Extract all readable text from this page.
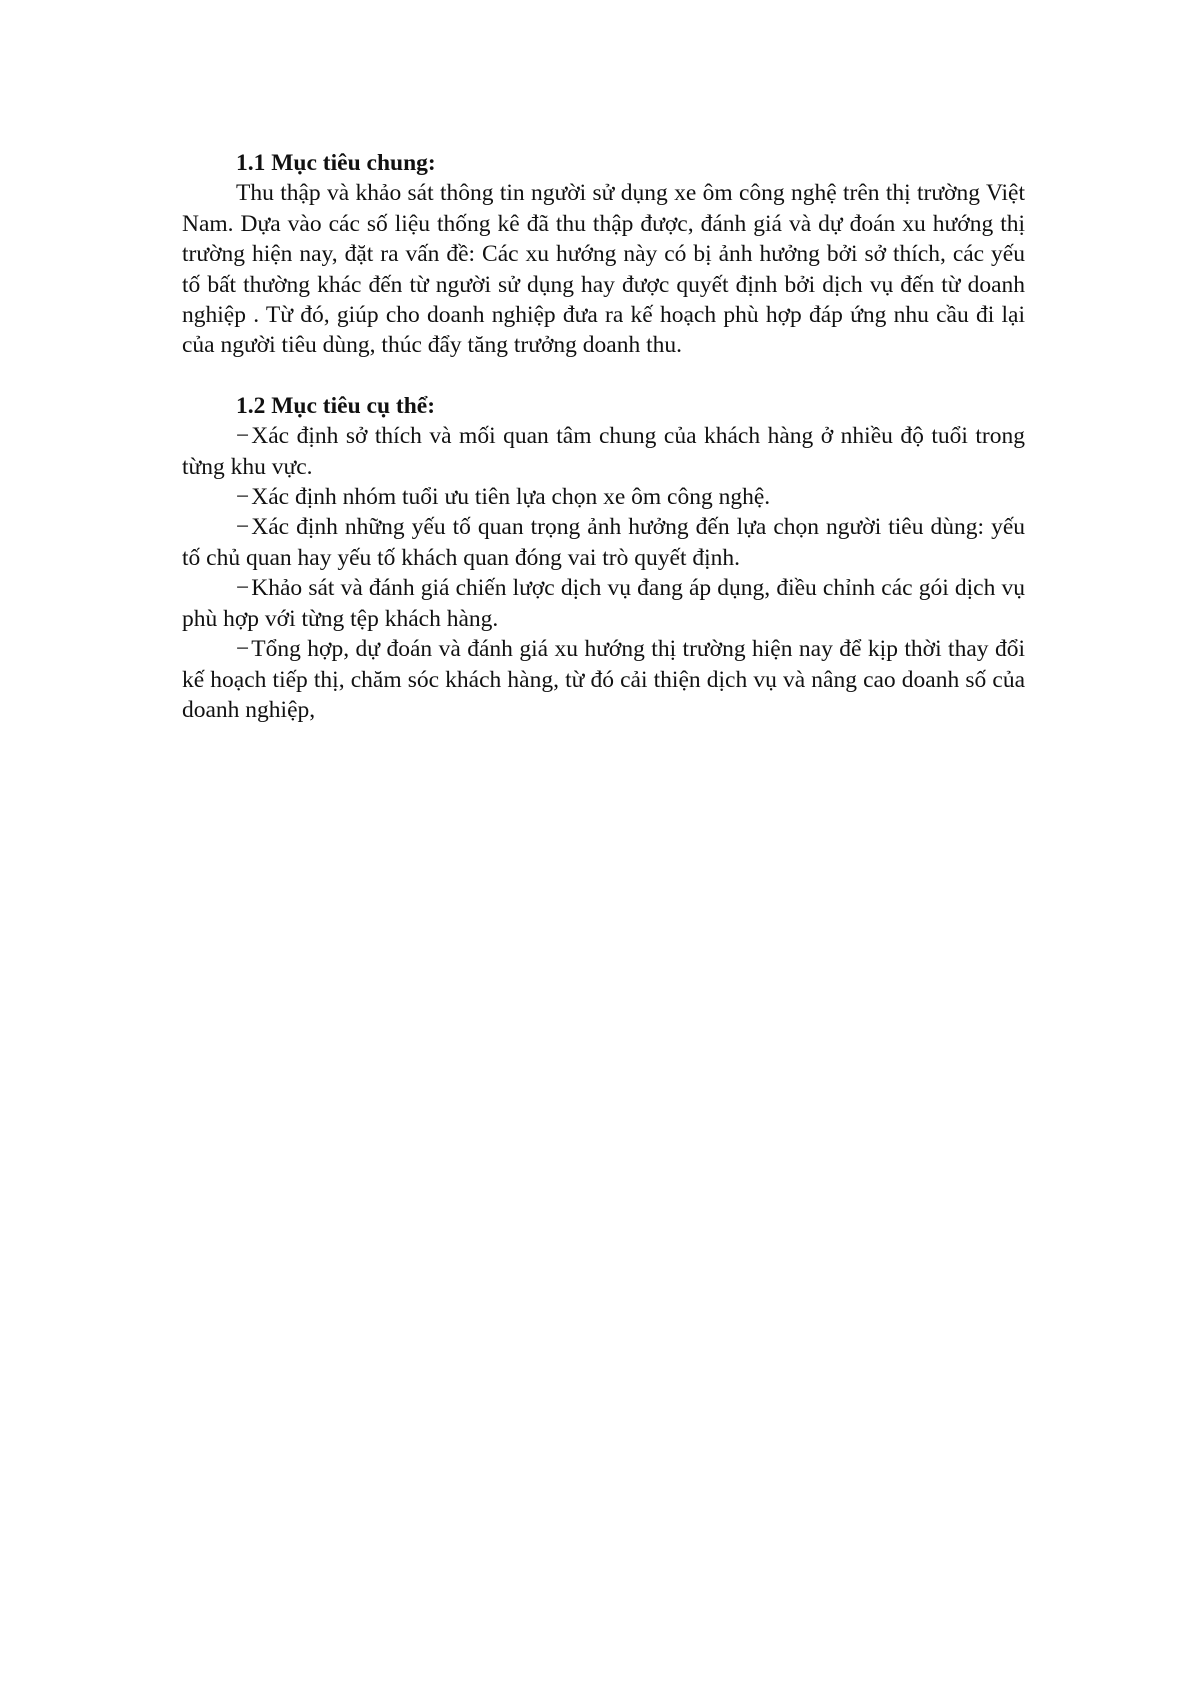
1.1 Mục tiêu chung:

Thu thập và khảo sát thông tin người sử dụng xe ôm công nghệ trên thị trường Việt Nam. Dựa vào các số liệu thống kê đã thu thập được, đánh giá và dự đoán xu hướng thị trường hiện nay, đặt ra vấn đề: Các xu hướng này có bị ảnh hưởng bởi sở thích, các yếu tố bất thường khác đến từ người sử dụng hay được quyết định bởi dịch vụ đến từ doanh nghiệp . Từ đó, giúp cho doanh nghiệp đưa ra kế hoạch phù hợp đáp ứng nhu cầu đi lại của người tiêu dùng, thúc đẩy tăng trưởng doanh thu.

1.2 Mục tiêu cụ thể:

−Xác định sở thích và mối quan tâm chung của khách hàng ở nhiều độ tuổi trong từng khu vực.

−Xác định nhóm tuổi ưu tiên lựa chọn xe ôm công nghệ.

−Xác định những yếu tố quan trọng ảnh hưởng đến lựa chọn người tiêu dùng: yếu tố chủ quan hay yếu tố khách quan đóng vai trò quyết định.

−Khảo sát và đánh giá chiến lược dịch vụ đang áp dụng, điều chỉnh các gói dịch vụ phù hợp với từng tệp khách hàng.

−Tổng hợp, dự đoán và đánh giá xu hướng thị trường hiện nay để kịp thời thay đổi kế hoạch tiếp thị, chăm sóc khách hàng, từ đó cải thiện dịch vụ và nâng cao doanh số của doanh nghiệp,
